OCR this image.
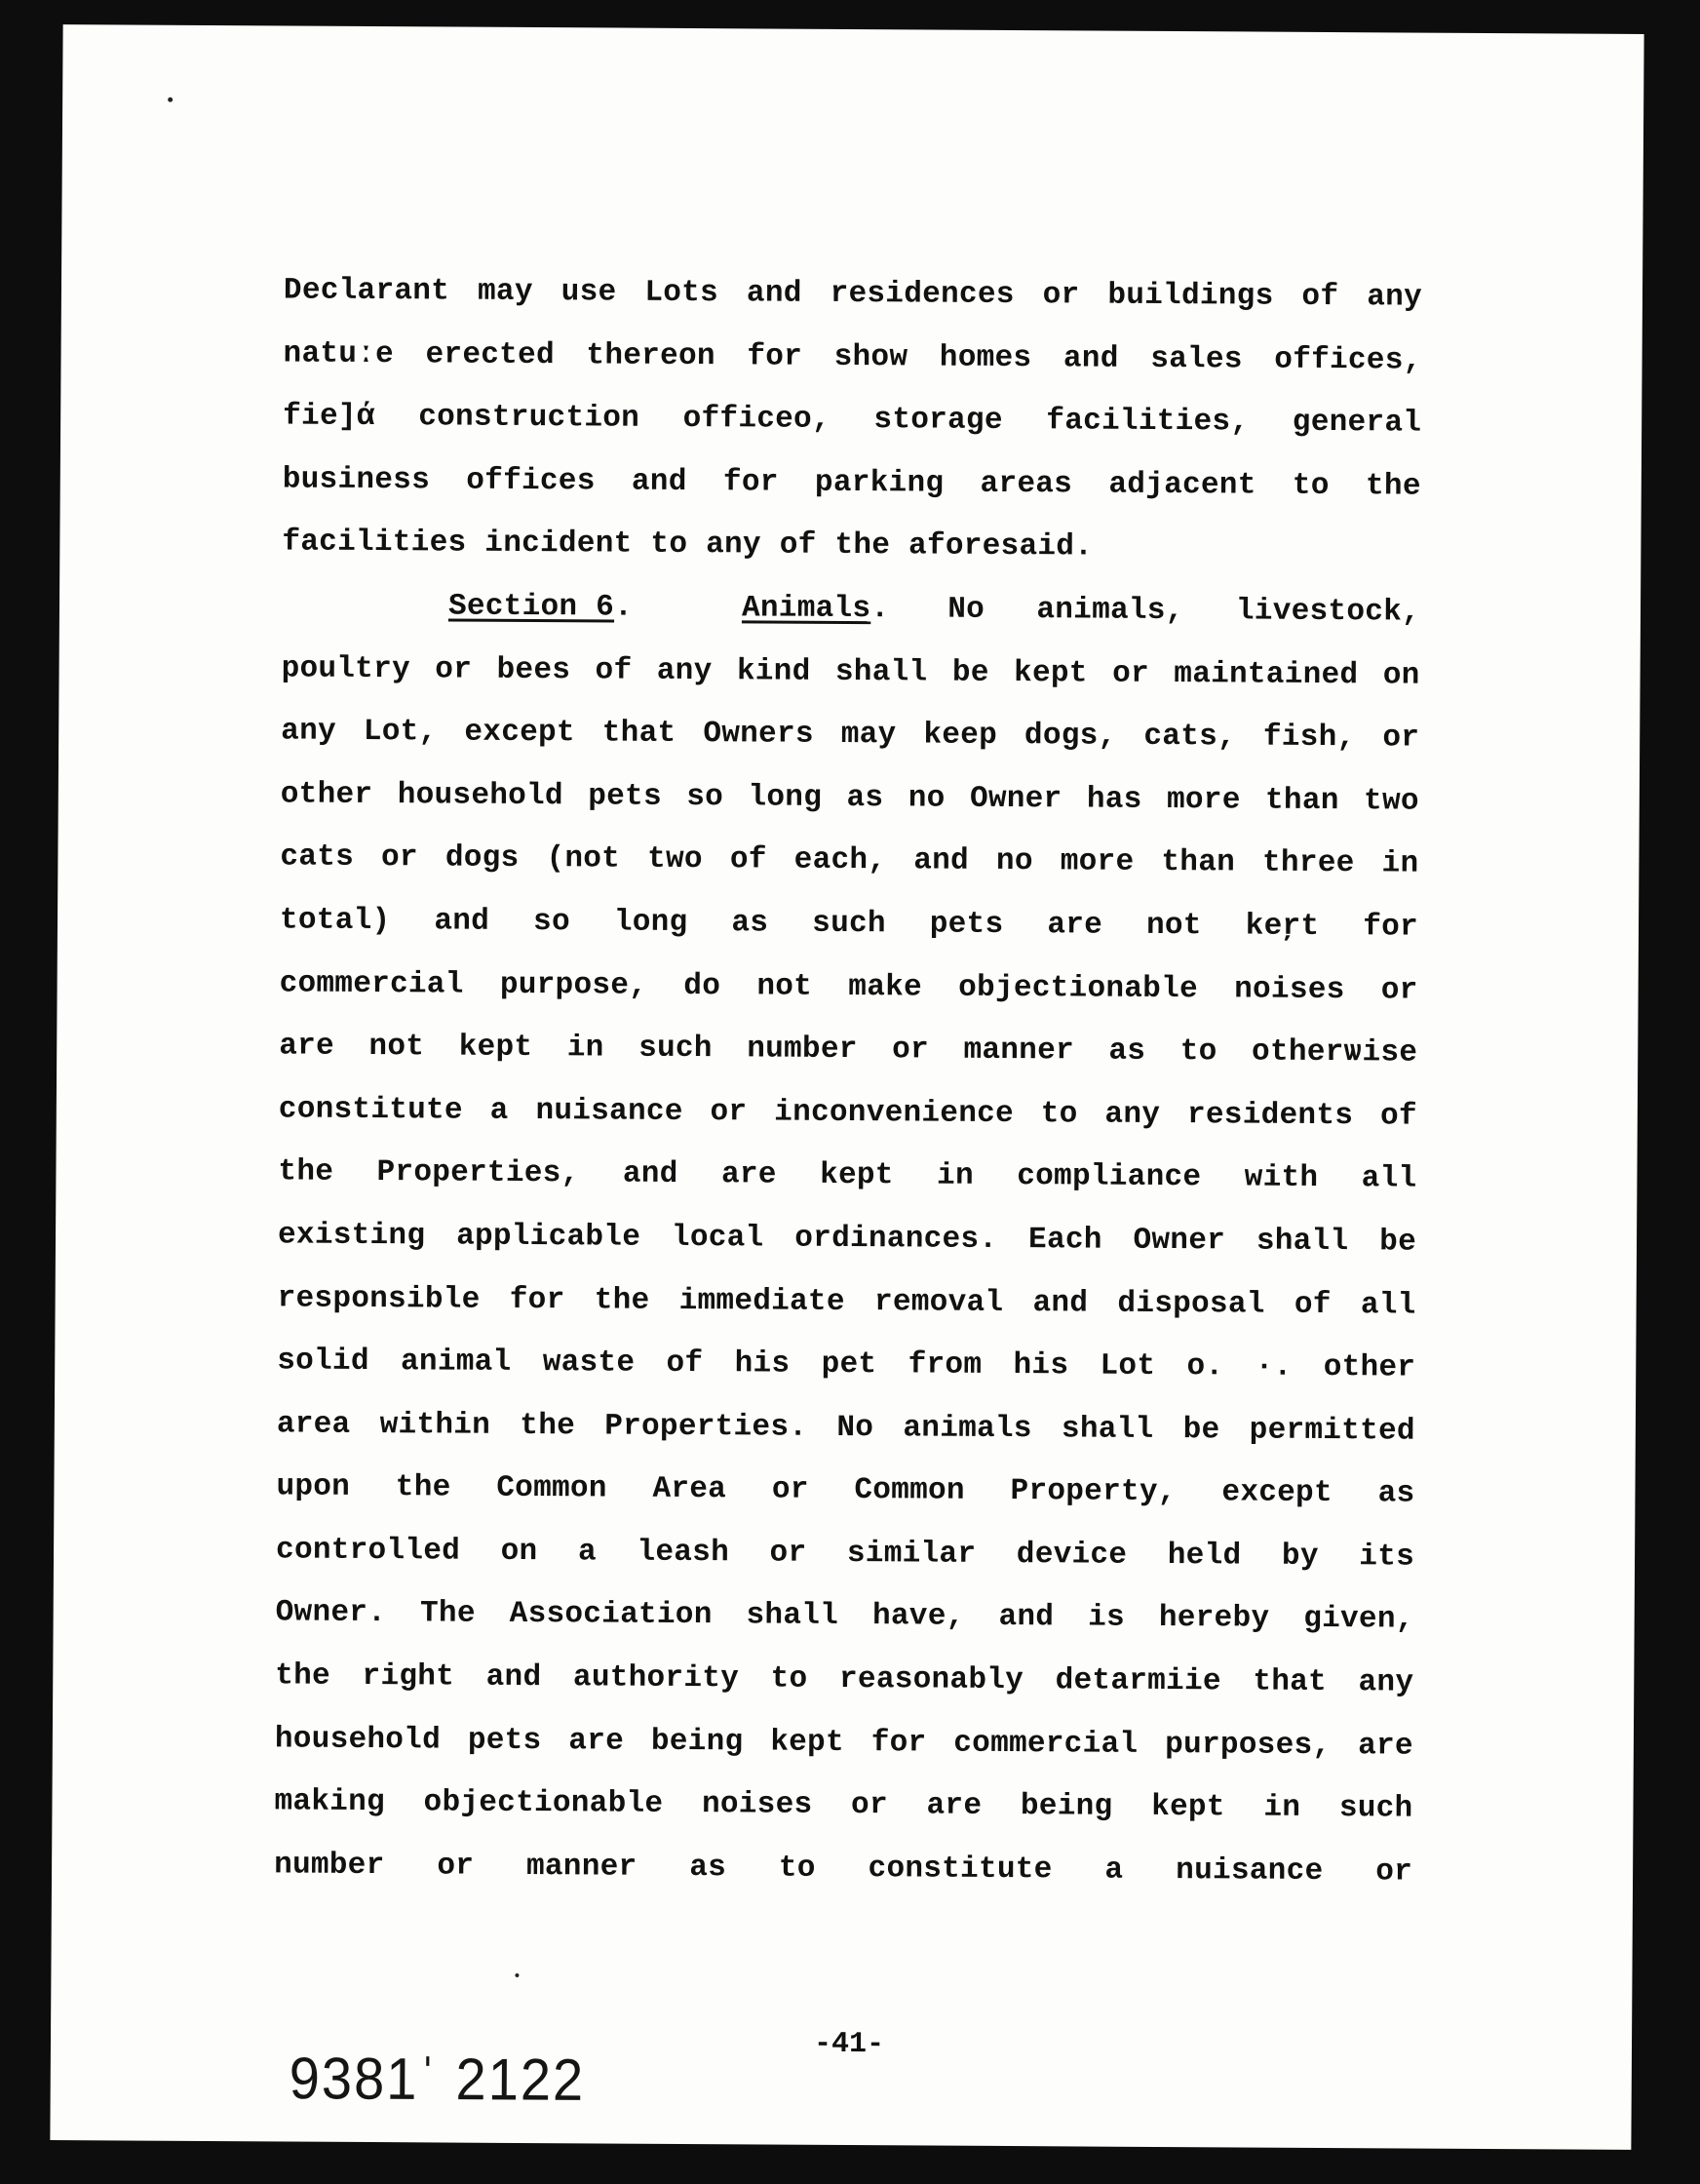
Declarant may use Lots and residences or buildings of any
natuːe erected thereon for show homes and sales offices,
fie]ά construction officeo, storage facilities, general
business offices and for parking areas adjacent to the
facilities incident to any of the aforesaid.
Section 6 .	Animals . No animals, livestock,
poultry or bees of any kind shall be kept or maintained on
any Lot, except that Owners may keep dogs, cats, fish, or
other household pets so long as no Owner has more than two
cats or dogs (not two of each, and no more than three in
total) and so long as such pets are not keŗt for
commercial purpose, do not make objectionable noises or
are not kept in such number or manner as to otherѡise
constitute a nuisance or inconvenience to any residents of
the Properties, and are kept in compliance with all
existing applicable local ordinances. Each Owner shall be
responsible for the immediate removal and disposal of all
solid animal waste of his pet from his Lot o. ·. other
area within the Properties. No animals shall be permitted
upon the Common Area or Common Property, except as
controlled on a leash or similar device held by its
Owner. The Association shall have, and is hereby given,
the right and authority to reasonably detarmiіe that any
household pets are being kept for commercial purposes, are
making objectionable noises or are being kept in such
number or manner as to constitute a nuisance or
9381ˈ 2122	-41-
